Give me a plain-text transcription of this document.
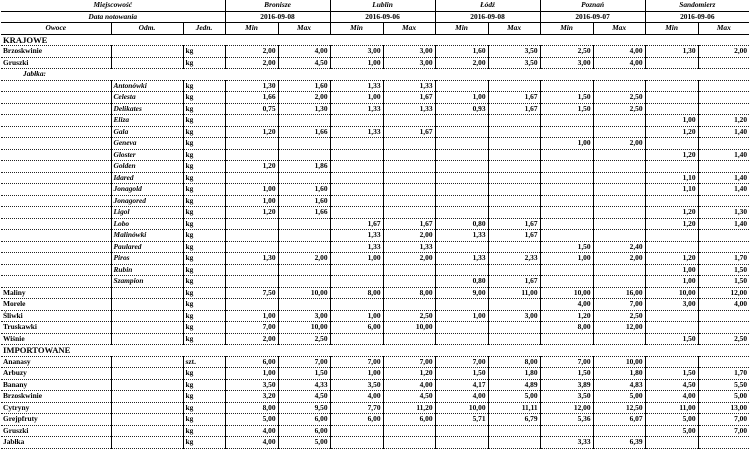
Miejscowość			Bronisze		Lublin		Łódź		Poznań		Sandomierz	
Data notowania			2016-09-08		2016-09-06		2016-09-08		2016-09-07		2016-09-06	
Owoce	Odm.	Jedn.	Min	Max	Min	Max	Min	Max	Min	Max	Min	Max
KRAJOWE												
Brzoskwinie		kg	2,00	4,00	3,00	3,00	1,60	3,50	2,50	4,00	1,30	2,00
Gruszki		kg	2,00	4,50	1,00	3,00	2,00	3,50	3,00	4,00		
Jabłka:												
	Antonówki	kg	1,30	1,60	1,33	1,33						
	Celesta	kg	1,66	2,00	1,00	1,67	1,00	1,67	1,50	2,50		
	Delikates	kg	0,75	1,30	1,33	1,33	0,93	1,67	1,50	2,50		
	Eliza	kg									1,00	1,20
	Gala	kg	1,20	1,66	1,33	1,67					1,20	1,40
	Geneva	kg							1,00	2,00		
	Gloster	kg									1,20	1,40
	Golden	kg	1,20	1,86								
	Idared	kg									1,10	1,40
	Jonagold	kg	1,00	1,60							1,10	1,40
	Jonagored	kg	1,00	1,60								
	Ligol	kg	1,20	1,66							1,20	1,30
	Lobo	kg			1,67	1,67	0,80	1,67			1,20	1,40
	Malinówki	kg			1,33	2,00	1,33	1,67				
	Paulared	kg			1,33	1,33			1,50	2,40		
	Piros	kg	1,30	2,00	1,00	2,00	1,33	2,33	1,00	2,00	1,20	1,70
	Rubin	kg									1,00	1,50
	Szampion	kg					0,80	1,67			1,00	1,50
Maliny		kg	7,50	10,00	8,00	8,00	9,00	11,00	10,00	16,00	10,00	12,00
Morele		kg							4,00	7,00	3,00	4,00
Śliwki		kg	1,00	3,00	1,00	2,50	1,00	3,00	1,20	2,50		
Truskawki		kg	7,00	10,00	6,00	10,00			8,00	12,00		
Wiśnie		kg	2,00	2,50							1,50	2,50
IMPORTOWANE												
Ananasy		szt.	6,00	7,00	7,00	7,00	7,00	8,00	7,00	10,00		
Arbuzy		kg	1,00	1,50	1,00	1,20	1,50	1,80	1,50	1,80	1,50	1,70
Banany		kg	3,50	4,33	3,50	4,00	4,17	4,89	3,89	4,83	4,50	5,50
Brzoskwinie		kg	3,20	4,50	4,00	4,50	4,00	5,00	3,50	5,00	4,00	5,00
Cytryny		kg	8,00	9,50	7,70	11,20	10,00	11,11	12,00	12,50	11,00	13,00
Grejpfruty		kg	5,00	6,00	6,00	6,00	5,71	6,79	5,36	6,07	5,00	7,00
Gruszki		kg	4,00	6,00							5,00	7,00
Jabłka		kg	4,00	5,00					3,33	6,39		
